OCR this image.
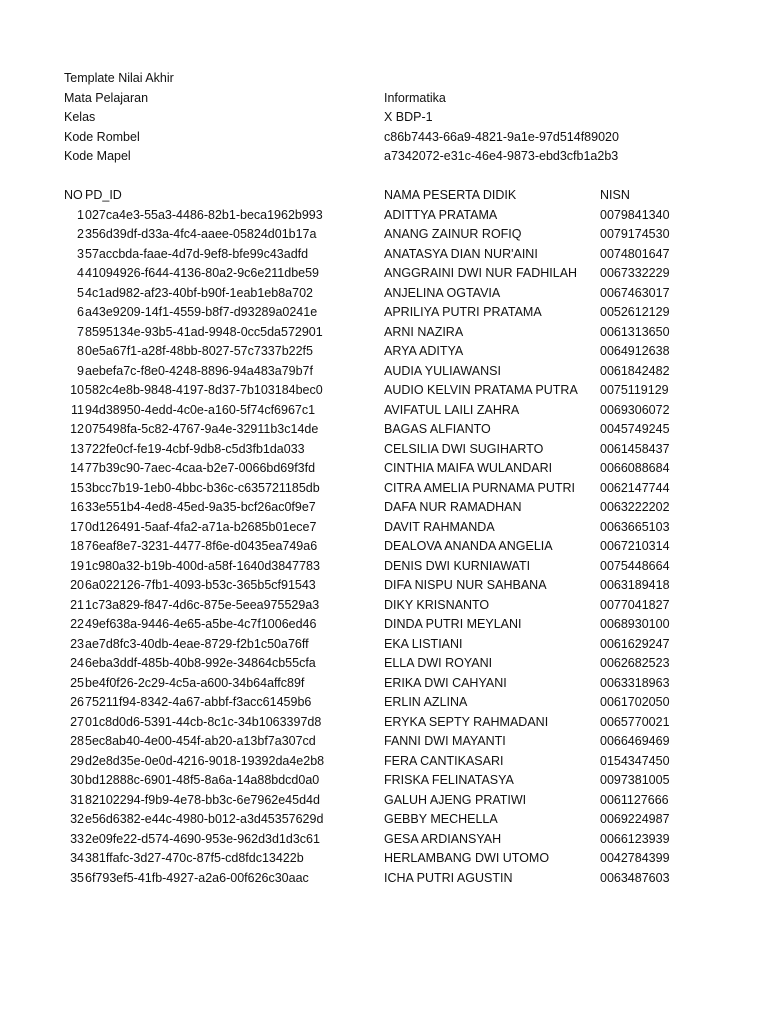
Template Nilai Akhir
Mata Pelajaran	Informatika
Kelas	X BDP-1
Kode Rombel	c86b7443-66a9-4821-9a1e-97d514f89020
Kode Mapel	a7342072-e31c-46e4-9873-ebd3cfb1a2b3
NO PD_ID	NAMA PESERTA DIDIK	NISN
1 027ca4e3-55a3-4486-82b1-beca1962b993	ADITTYA PRATAMA	0079841340
2 356d39df-d33a-4fc4-aaee-05824d01b17a	ANANG ZAINUR ROFIQ	0079174530
3 57accbda-faae-4d7d-9ef8-bfe99c43adfd	ANATASYA DIAN NUR'AINI	0074801647
4 41094926-f644-4136-80a2-9c6e211dbe59	ANGGRAINI DWI NUR FADHILAH 0067332229
5 4c1ad982-af23-40bf-b90f-1eab1eb8a702	ANJELINA OGTAVIA	0067463017
6 a43e9209-14f1-4559-b8f7-d93289a0241e	APRILIYA PUTRI PRATAMA	0052612129
7 8595134e-93b5-41ad-9948-0cc5da572901	ARNI NAZIRA	0061313650
8 0e5a67f1-a28f-48bb-8027-57c7337b22f5	ARYA ADITYA	0064912638
9 aebefa7c-f8e0-4248-8896-94a483a79b7f	AUDIA YULIAWANSI	0061842482
10 582c4e8b-9848-4197-8d37-7b103184bec0	AUDIO KELVIN PRATAMA PUTRA 0075119129
11 94d38950-4edd-4c0e-a160-5f74cf6967c1	AVIFATUL LAILI ZAHRA	0069306072
12 075498fa-5c82-4767-9a4e-32911b3c14de	BAGAS ALFIANTO	0045749245
13 722fe0cf-fe19-4cbf-9db8-c5d3fb1da033	CELSILIA DWI SUGIHARTO	0061458437
14 77b39c90-7aec-4caa-b2e7-0066bd69f3fd	CINTHIA MAIFA WULANDARI	0066088684
15 3bcc7b19-1eb0-4bbc-b36c-c635721185db	CITRA AMELIA PURNAMA PUTRI 0062147744
16 33e551b4-4ed8-45ed-9a35-bcf26ac0f9e7	DAFA NUR RAMADHAN	0063222202
17 0d126491-5aaf-4fa2-a71a-b2685b01ece7	DAVIT RAHMANDA	0063665103
18 76eaf8e7-3231-4477-8f6e-d0435ea749a6	DEALOVA ANANDA ANGELIA	0067210314
19 1c980a32-b19b-400d-a58f-1640d3847783	DENIS DWI KURNIAWATI	0075448664
20 6a022126-7fb1-4093-b53c-365b5cf91543	DIFA NISPU NUR SAHBANA	0063189418
21 1c73a829-f847-4d6c-875e-5eea975529a3	DIKY KRISNANTO	0077041827
22 49ef638a-9446-4e65-a5be-4c7f1006ed46	DINDA PUTRI MEYLANI	0068930100
23 ae7d8fc3-40db-4eae-8729-f2b1c50a76ff	EKA LISTIANI	0061629247
24 6eba3ddf-485b-40b8-992e-34864cb55cfa	ELLA DWI ROYANI	0062682523
25 be4f0f26-2c29-4c5a-a600-34b64affc89f	ERIKA DWI CAHYANI	0063318963
26 75211f94-8342-4a67-abbf-f3acc61459b6	ERLIN AZLINA	0061702050
27 01c8d0d6-5391-44cb-8c1c-34b1063397d8	ERYKA SEPTY RAHMADANI	0065770021
28 5ec8ab40-4e00-454f-ab20-a13bf7a307cd	FANNI DWI MAYANTI	0066469469
29 d2e8d35e-0e0d-4216-9018-19392da4e2b8	FERA CANTIKASARI	0154347450
30 bd12888c-6901-48f5-8a6a-14a88bdcd0a0	FRISKA FELINATASYA	0097381005
31 82102294-f9b9-4e78-bb3c-6e7962e45d4d	GALUH AJENG PRATIWI	0061127666
32 e56d6382-e44c-4980-b012-a3d45357629d	GEBBY MECHELLA	0069224987
33 2e09fe22-d574-4690-953e-962d3d1d3c61	GESA ARDIANSYAH	0066123939
34 381ffafc-3d27-470c-87f5-cd8fdc13422b	HERLAMBANG DWI UTOMO	0042784399
35 6f793ef5-41fb-4927-a2a6-00f626c30aac	ICHA PUTRI AGUSTIN	0063487603
